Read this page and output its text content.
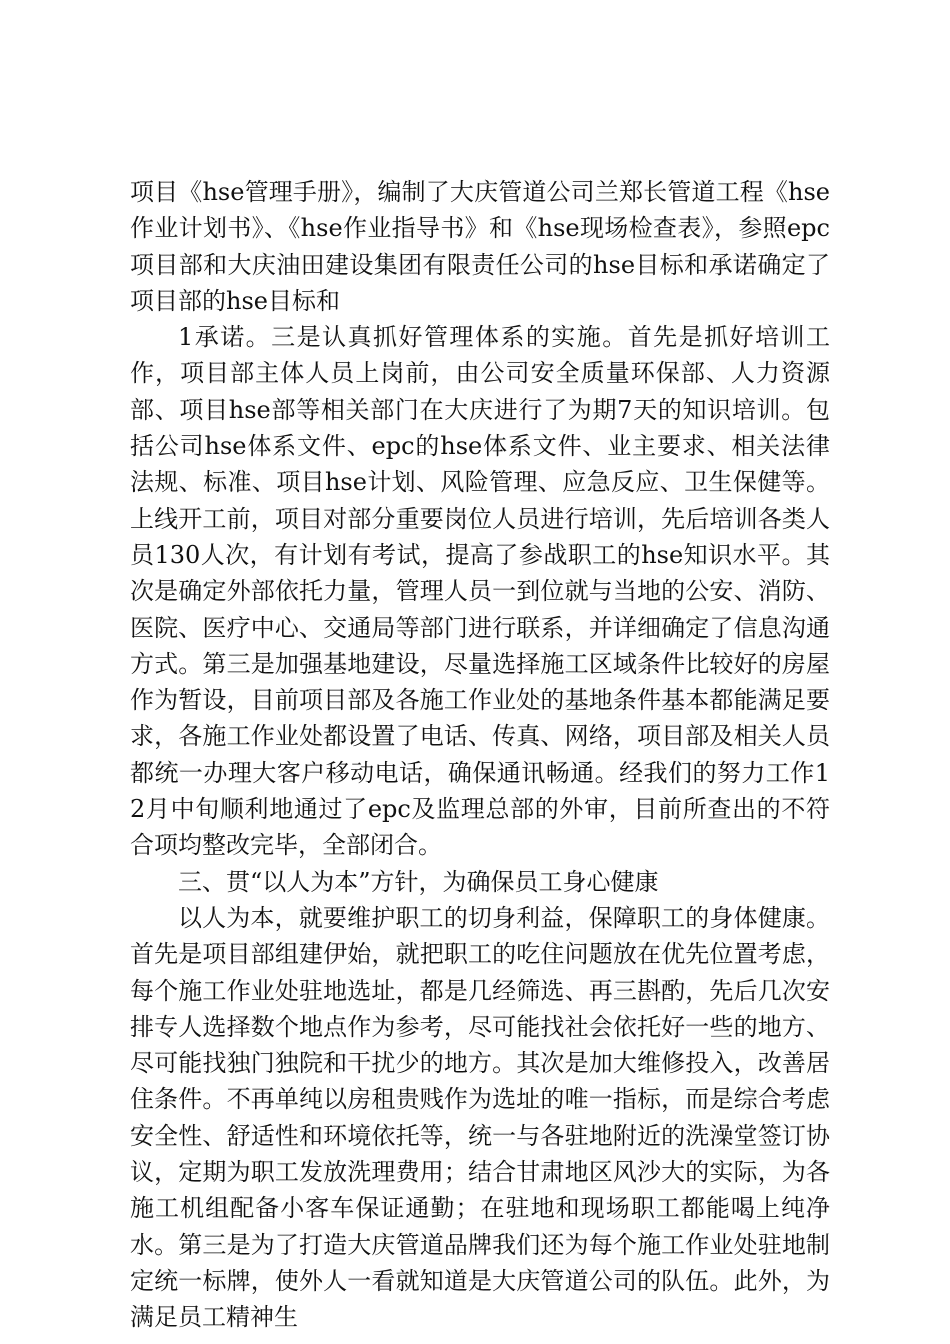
项目《hse管理手册》，编制了大庆管道公司兰郑长管道工程《hse作业计划书》、《hse作业指导书》和《hse现场检查表》，参照epc项目部和大庆油田建设集团有限责任公司的hse目标和承诺确定了项目部的hse目标和

1承诺。三是认真抓好管理体系的实施。首先是抓好培训工作，项目部主体人员上岗前，由公司安全质量环保部、人力资源部、项目hse部等相关部门在大庆进行了为期7天的知识培训。包括公司hse体系文件、epc的hse体系文件、业主要求、相关法律法规、标准、项目hse计划、风险管理、应急反应、卫生保健等。上线开工前，项目对部分重要岗位人员进行培训，先后培训各类人员130人次，有计划有考试，提高了参战职工的hse知识水平。其次是确定外部依托力量，管理人员一到位就与当地的公安、消防、医院、医疗中心、交通局等部门进行联系，并详细确定了信息沟通方式。第三是加强基地建设，尽量选择施工区域条件比较好的房屋作为暂设，目前项目部及各施工作业处的基地条件基本都能满足要求，各施工作业处都设置了电话、传真、网络，项目部及相关人员都统一办理大客户移动电话，确保通讯畅通。经我们的努力工作12月中旬顺利地通过了epc及监理总部的外审，目前所查出的不符合项均整改完毕，全部闭合。

三、贯“以人为本”方针，为确保员工身心健康

以人为本，就要维护职工的切身利益，保障职工的身体健康。首先是项目部组建伊始，就把职工的吃住问题放在优先位置考虑，每个施工作业处驻地选址，都是几经筛选、再三斟酌，先后几次安排专人选择数个地点作为参考，尽可能找社会依托好一些的地方、尽可能找独门独院和干扰少的地方。其次是加大维修投入，改善居住条件。不再单纯以房租贵贱作为选址的唯一指标，而是综合考虑安全性、舒适性和环境依托等，统一与各驻地附近的洗澡堂签订协议，定期为职工发放洗理费用；结合甘肃地区风沙大的实际，为各施工机组配备小客车保证通勤；在驻地和现场职工都能喝上纯净水。第三是为了打造大庆管道品牌我们还为每个施工作业处驻地制定统一标牌，使外人一看就知道是大庆管道公司的队伍。此外，为满足员工精神生
